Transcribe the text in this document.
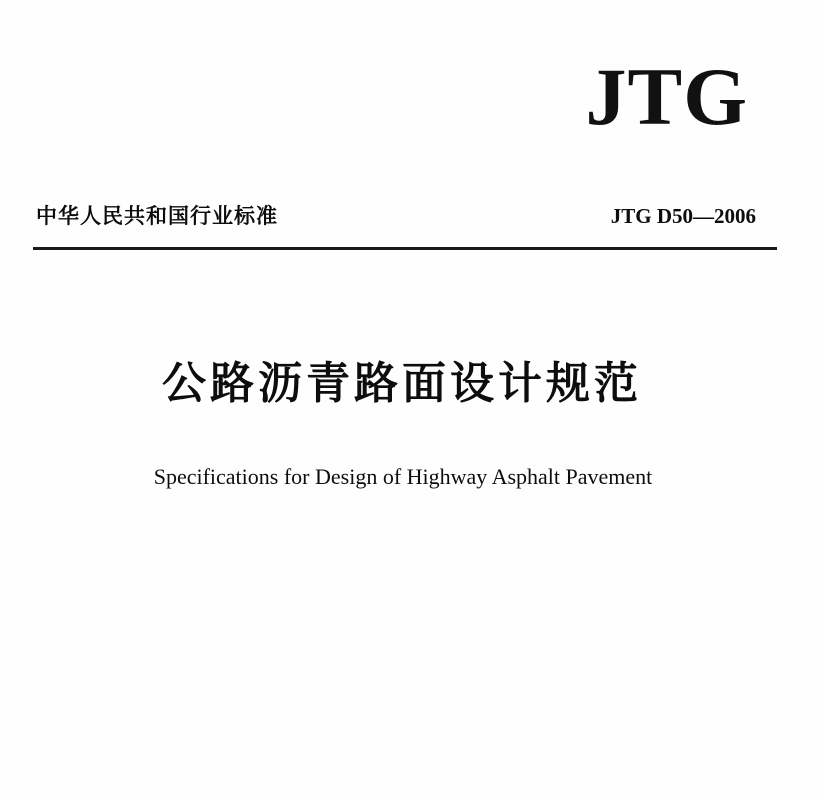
JTG
中华人民共和国行业标准	JTG D50—2006
公路沥青路面设计规范
Specifications for Design of Highway Asphalt Pavement
